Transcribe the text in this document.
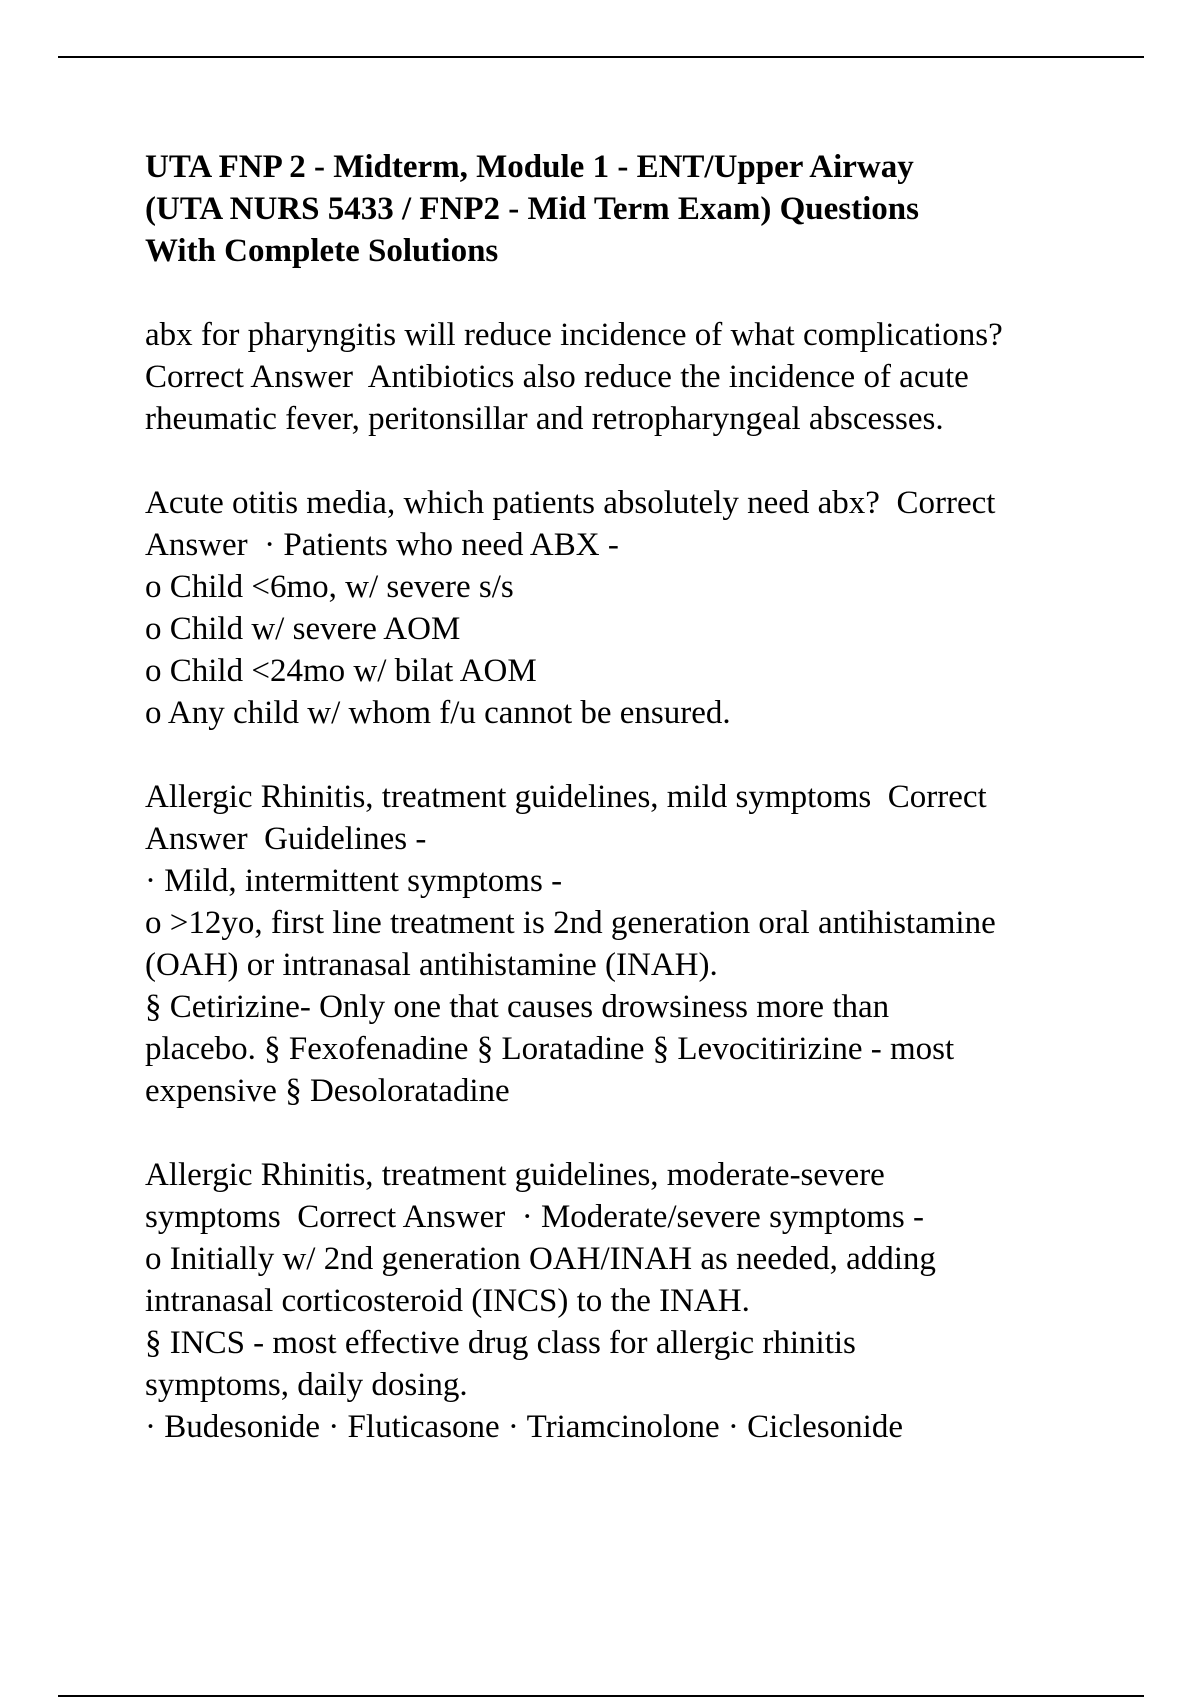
UTA FNP 2 - Midterm, Module 1 - ENT/Upper Airway
(UTA NURS 5433 / FNP2 - Mid Term Exam) Questions
With Complete Solutions
abx for pharyngitis will reduce incidence of what complications?
Correct Answer  Antibiotics also reduce the incidence of acute
rheumatic fever, peritonsillar and retropharyngeal abscesses.
Acute otitis media, which patients absolutely need abx?  Correct
Answer  · Patients who need ABX -
o Child <6mo, w/ severe s/s
o Child w/ severe AOM
o Child <24mo w/ bilat AOM
o Any child w/ whom f/u cannot be ensured.
Allergic Rhinitis, treatment guidelines, mild symptoms  Correct
Answer  Guidelines -
· Mild, intermittent symptoms -
o >12yo, first line treatment is 2nd generation oral antihistamine
(OAH) or intranasal antihistamine (INAH).
§ Cetirizine- Only one that causes drowsiness more than
placebo. § Fexofenadine § Loratadine § Levocitirizine - most
expensive § Desoloratadine
Allergic Rhinitis, treatment guidelines, moderate-severe
symptoms  Correct Answer  · Moderate/severe symptoms -
o Initially w/ 2nd generation OAH/INAH as needed, adding
intranasal corticosteroid (INCS) to the INAH.
§ INCS - most effective drug class for allergic rhinitis
symptoms, daily dosing.
· Budesonide · Fluticasone · Triamcinolone · Ciclesonide
